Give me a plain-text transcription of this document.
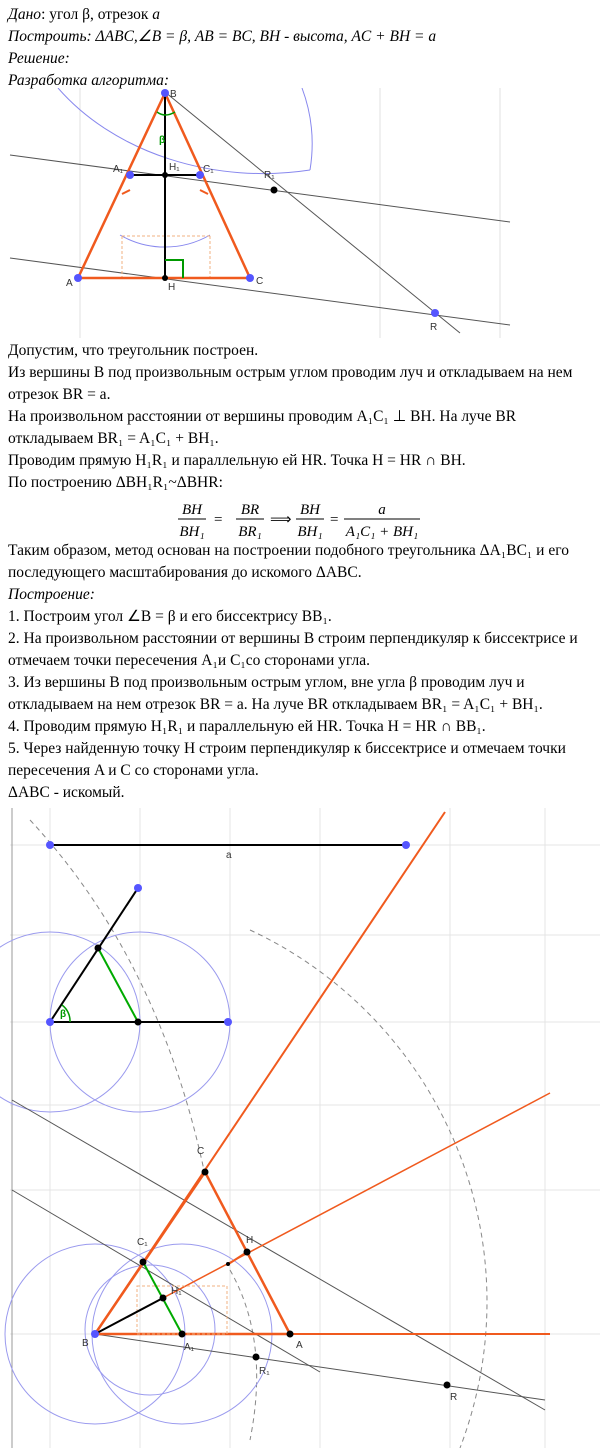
Дано: угол β, отрезок a
Построить: ΔABC,∠B = β, AB = BC, BH - высота, AC + BH = a
Решение:
Разработка алгоритма:
B
β
A₁	H₁ C₁
R₁
A	H
C
R
Допустим, что треугольник построен.
Из вершины B под произвольным острым углом проводим луч и откладываем на нем
отрезок BR = a.
На произвольном расстоянии от вершины проводим A₁C₁ ⊥ BH. На луче BR
откладываем BR₁ = A₁C₁ + BH₁.
Проводим прямую H₁R₁ и параллельную ей HR. Точка H = HR ∩ BH.
По построению ΔBH₁R₁~ΔBHR:
BH
BH₁
=
BR
BR₁
⟹
BH
BH₁
=
a
A₁C₁ + BH₁
Таким образом, метод основан на построении подобного треугольника ΔA₁BC₁ и его
последующего масштабирования до искомого ΔABC.
Построение:
1. Построим угол ∠B = β и его биссектрису BB₁.
2. На произвольном расстоянии от вершины B строим перпендикуляр к биссектрисе и
отмечаем точки пересечения A₁и C₁со сторонами угла.
3. Из вершины B под произвольным острым углом, вне угла β проводим луч и
откладываем на нем отрезок BR = a. На луче BR откладываем BR₁ = A₁C₁ + BH₁.
4. Проводим прямую H₁R₁ и параллельную ей HR. Точка H = HR ∩ BB₁.
5. Через найденную точку H строим перпендикуляр к биссектрисе и отмечаем точки
пересечения A и C со сторонами угла.
ΔABC - искомый.
a
β
C
C₁	H
H₁
B	A₁	A
R₁
R
